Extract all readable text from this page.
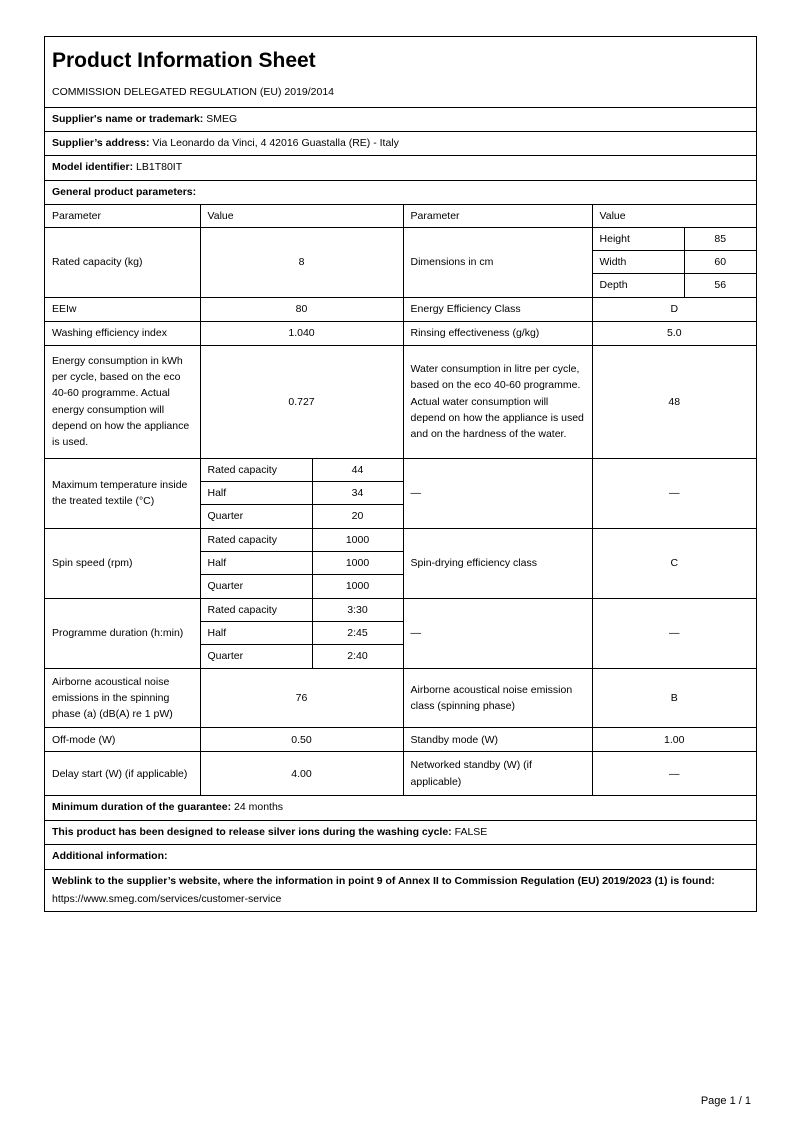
Product Information Sheet
COMMISSION DELEGATED REGULATION (EU) 2019/2014
Supplier's name or trademark: SMEG
Supplier’s address: Via Leonardo da Vinci, 4 42016 Guastalla (RE) - Italy
Model identifier: LB1T80IT
General product parameters:
Parameter	Value		Parameter	Value	
Rated capacity (kg)	8		Dimensions in cm	Height	85
				Width	60
				Depth	56
EEIw	80		Energy Efficiency Class	D	
Washing efficiency index	1.040		Rinsing effectiveness (g/kg)	5.0	
Energy consumption in kWh per cycle, based on the eco 40-60 programme. Actual energy consumption will depend on how the appliance is used.	0.727		Water consumption in litre per cycle, based on the eco 40-60 programme. Actual water consumption will depend on how the appliance is used and on the hardness of the water.	48	
Maximum temperature inside the treated textile (°C)	Rated capacity	44	—	—	
	Half	34			
	Quarter	20			
Spin speed (rpm)	Rated capacity	1000	Spin-drying efficiency class	C	
	Half	1000			
	Quarter	1000			
Programme duration (h:min)	Rated capacity	3:30	—	—	
	Half	2:45			
	Quarter	2:40			
Airborne acoustical noise emissions in the spinning phase (a) (dB(A) re 1 pW)	76		Airborne acoustical noise emission class (spinning phase)	B	
Off-mode (W)	0.50		Standby mode (W)	1.00	
Delay start (W) (if applicable)	4.00		Networked standby (W) (if applicable)	—	
Minimum duration of the guarantee: 24 months					
This product has been designed to release silver ions during the washing cycle: FALSE					
Additional information:					
Weblink to the supplier’s website, where the information in point 9 of Annex II to Commission Regulation (EU) 2019/2023 (1) is found:
https://www.smeg.com/services/customer-service					
Page 1 / 1
